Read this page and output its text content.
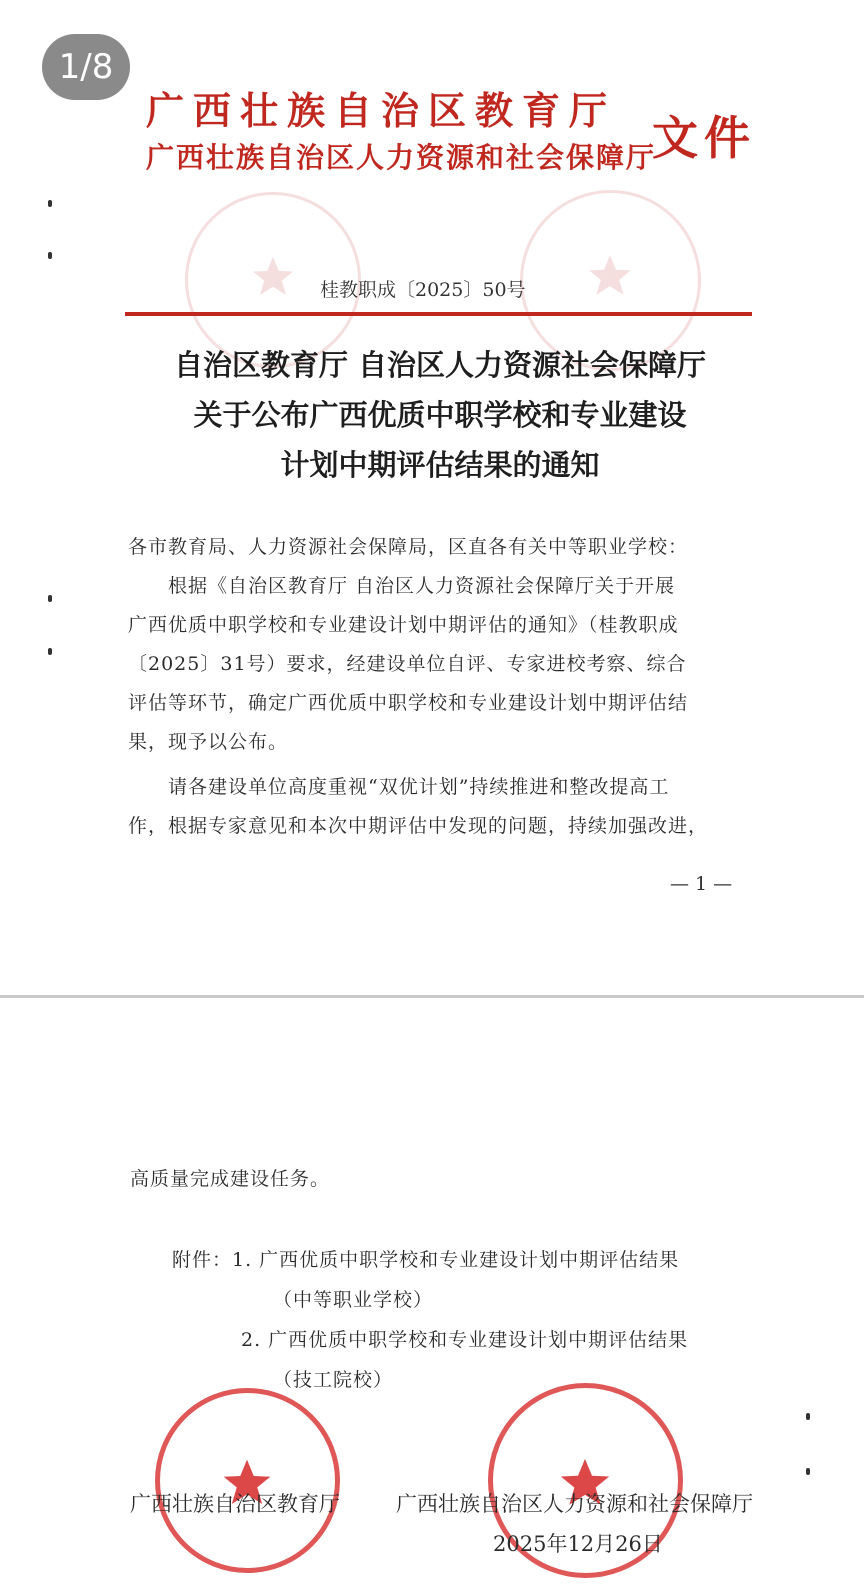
广西壮族自治区教育厅
广西壮族自治区人力资源和社会保障厅
文件
桂教职成〔2025〕50号
自治区教育厅 自治区人力资源社会保障厅
关于公布广西优质中职学校和专业建设
计划中期评估结果的通知
各市教育局、人力资源社会保障局，区直各有关中等职业学校：
　　根据《自治区教育厅 自治区人力资源社会保障厅关于开展
广西优质中职学校和专业建设计划中期评估的通知》（桂教职成
〔2025〕31号）要求，经建设单位自评、专家进校考察、综合
评估等环节，确定广西优质中职学校和专业建设计划中期评估结
果，现予以公布。
　　请各建设单位高度重视“双优计划”持续推进和整改提高工
作，根据专家意见和本次中期评估中发现的问题，持续加强改进，
— 1 —
高质量完成建设任务。
附件：1. 广西优质中职学校和专业建设计划中期评估结果
（中等职业学校）
2. 广西优质中职学校和专业建设计划中期评估结果
（技工院校）
广西壮族自治区教育厅	广西壮族自治区人力资源和社会保障厅
2025年12月26日
1/8
